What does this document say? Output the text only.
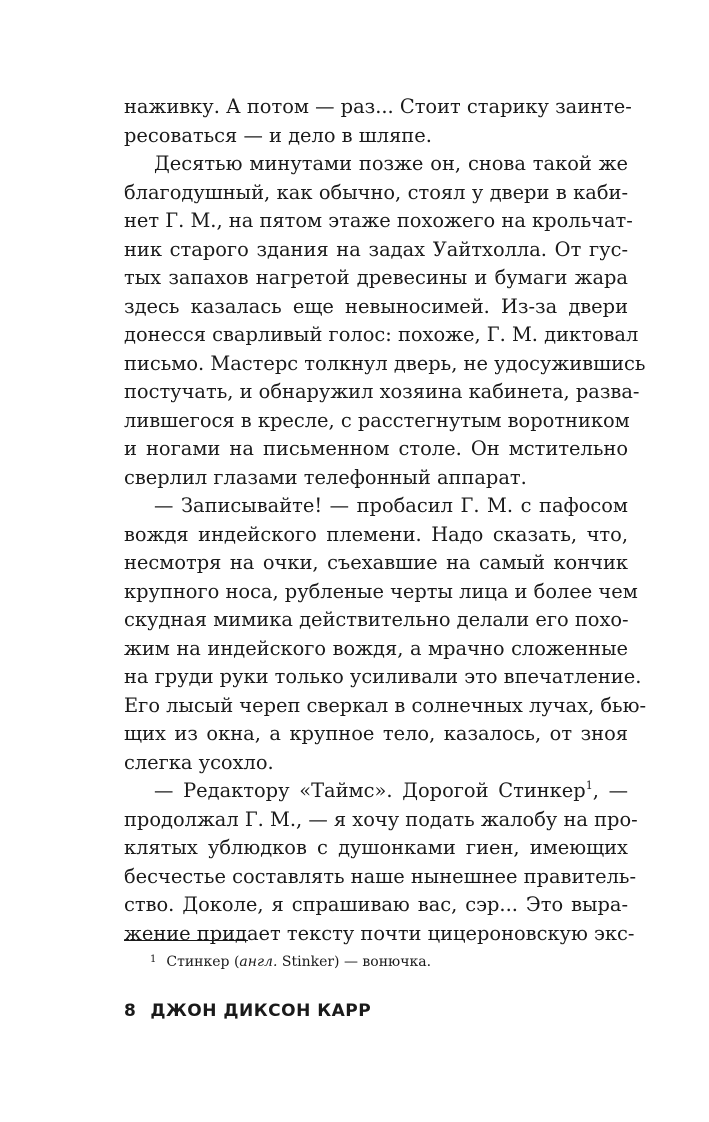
наживку. А потом — раз... Стоит старику заинте-
ресоваться — и дело в шляпе.
Десятью минутами позже он, снова такой же
благодушный, как обычно, стоял у двери в каби-
нет Г. М., на пятом этаже похожего на крольчат-
ник старого здания на задах Уайтхолла. От гус-
тых запахов нагретой древесины и бумаги жара
здесь казалась еще невыносимей. Из-за двери
донесся сварливый голос: похоже, Г. М. диктовал
письмо. Мастерс толкнул дверь, не удосужившись
постучать, и обнаружил хозяина кабинета, разва-
лившегося в кресле, с расстегнутым воротником
и ногами на письменном столе. Он мстительно
сверлил глазами телефонный аппарат.
— Записывайте! — пробасил Г. М. с пафосом
вождя индейского племени. Надо сказать, что,
несмотря на очки, съехавшие на самый кончик
крупного носа, рубленые черты лица и более чем
скудная мимика действительно делали его похо-
жим на индейского вождя, а мрачно сложенные
на груди руки только усиливали это впечатление.
Его лысый череп сверкал в солнечных лучах, бью-
щих из окна, а крупное тело, казалось, от зноя
слегка усохло.
— Редактору «Таймс». Дорогой Стинкер$^1$, —
продолжал Г. М., — я хочу подать жалобу на про-
клятых ублюдков с душонками гиен, имеющих
бесчестье составлять наше нынешнее правитель-
ство. Доколе, я спрашиваю вас, сэр... Это выра-
жение придает тексту почти цицероновскую экс-
$^1$ Стинкер (англ. Stinker) — вонючка.
8 ДЖОН ДИКСОН КАРР
